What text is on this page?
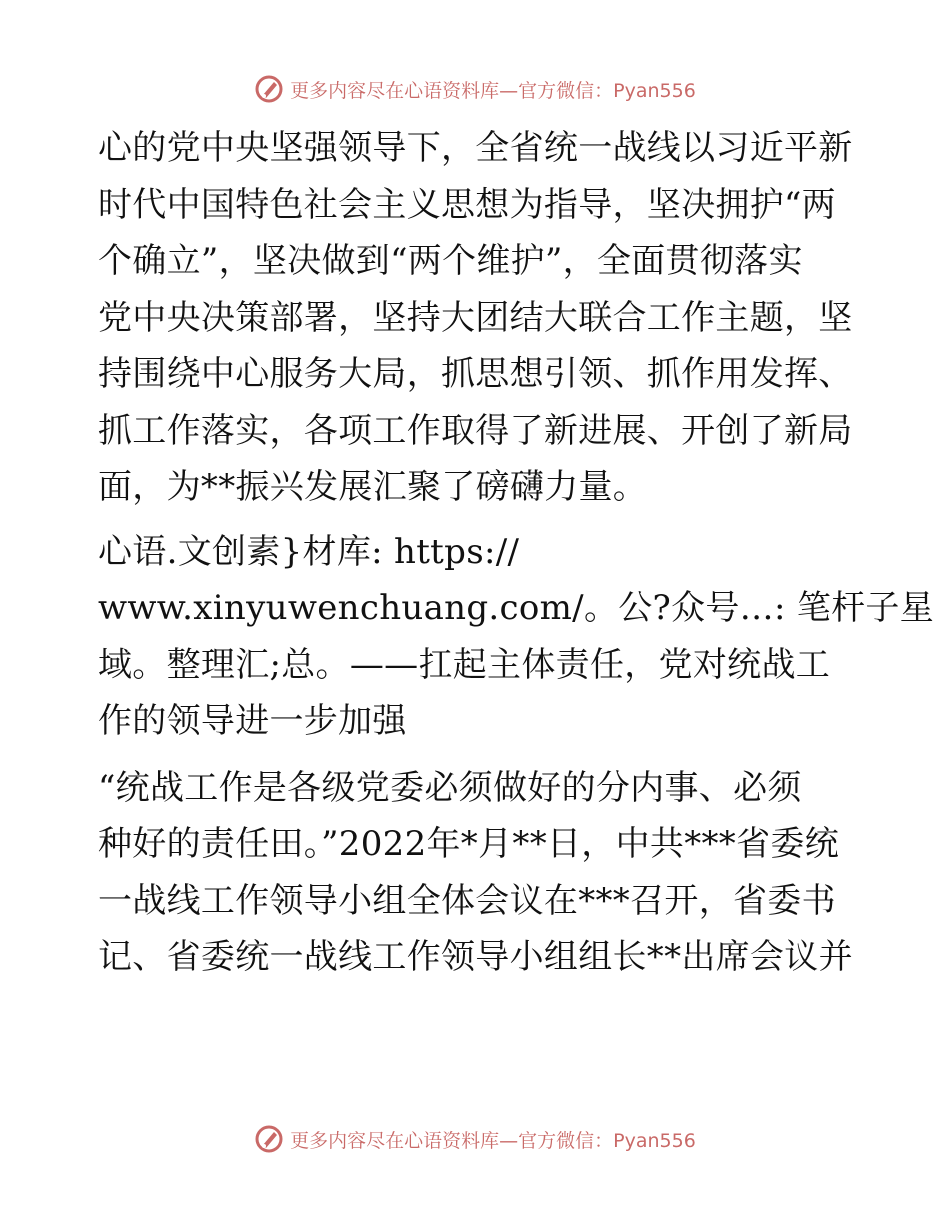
更多内容尽在心语资料库—官方微信：Pyan556
心的党中央坚强领导下，全省统一战线以习近平新
时代中国特色社会主义思想为指导，坚决拥护“两
个确立”，坚决做到“两个维护”，全面贯彻落实
党中央决策部署，坚持大团结大联合工作主题，坚
持围绕中心服务大局，抓思想引领、抓作用发挥、
抓工作落实，各项工作取得了新进展、开创了新局
面，为**振兴发展汇聚了磅礴力量。
心语.文创素}材库: https://
www.xinyuwenchuang.com/。公?众号…: 笔杆子星
域。整理汇;总。——扛起主体责任，党对统战工
作的领导进一步加强
“统战工作是各级党委必须做好的分内事、必须
种好的责任田。”2022年*月**日，中共***省委统
一战线工作领导小组全体会议在***召开，省委书
记、省委统一战线工作领导小组组长**出席会议并
更多内容尽在心语资料库—官方微信：Pyan556
